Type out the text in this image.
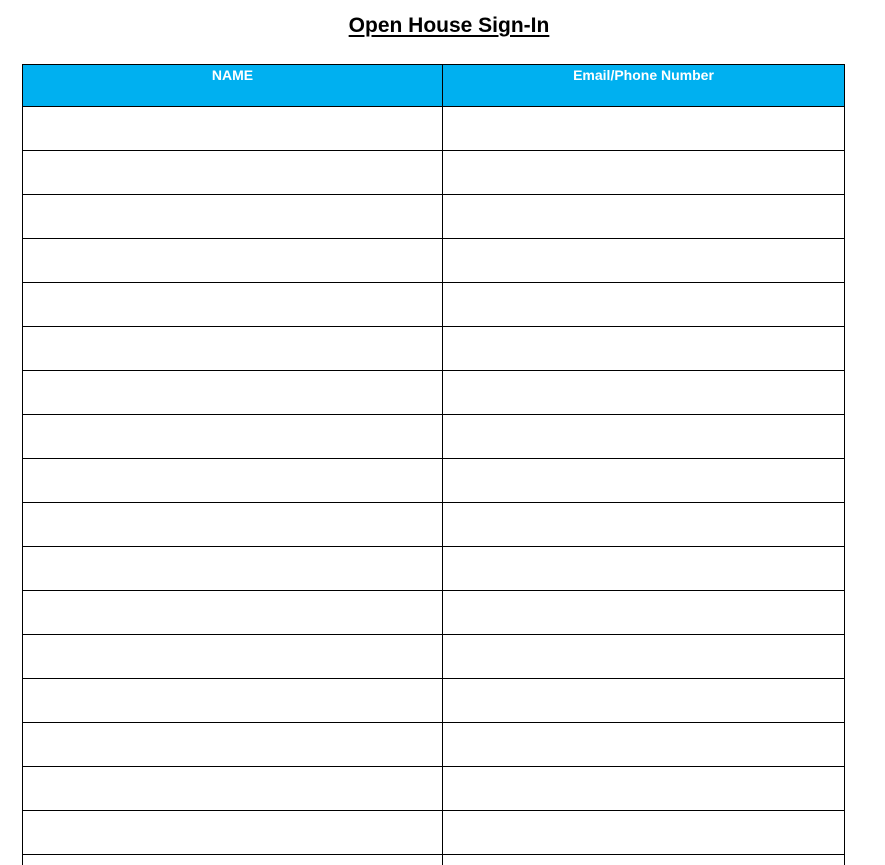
Open House Sign-In
NAME	Email/Phone Number
